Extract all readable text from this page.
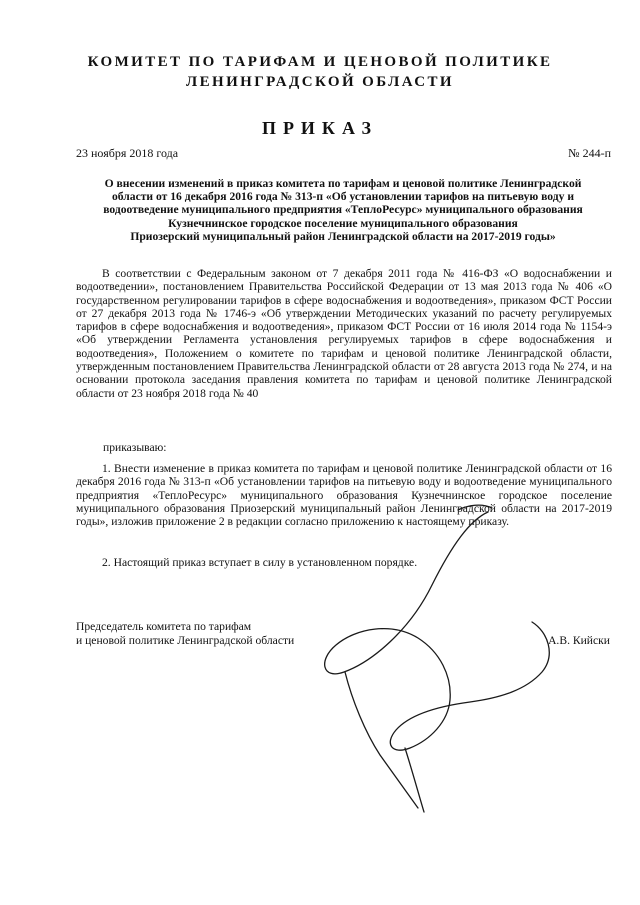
КОМИТЕТ ПО ТАРИФАМ И ЦЕНОВОЙ ПОЛИТИКЕ
ЛЕНИНГРАДСКОЙ ОБЛАСТИ
ПРИКАЗ
23 ноября 2018 года	№ 244-п
О внесении изменений в приказ комитета по тарифам и ценовой политике Ленинградской
области от 16 декабря 2016 года № 313-п «Об установлении тарифов на питьевую воду и
водоотведение муниципального предприятия «ТеплоРесурс» муниципального образования
Кузнечнинское городское поселение муниципального образования
Приозерский муниципальный район Ленинградской области на 2017-2019 годы»

В соответствии с Федеральным законом от 7 декабря 2011 года № 416-ФЗ «О водоснабжении и водоотведении», постановлением Правительства Российской Федерации от 13 мая 2013 года № 406 «О государственном регулировании тарифов в сфере водоснабжения и водоотведения», приказом ФСТ России от 27 декабря 2013 года № 1746-э «Об утверждении Методических указаний по расчету регулируемых тарифов в сфере водоснабжения и водоотведения», приказом ФСТ России от 16 июля 2014 года № 1154-э «Об утверждении Регламента установления регулируемых тарифов в сфере водоснабжения и водоотведения», Положением о комитете по тарифам и ценовой политике Ленинградской области, утвержденным постановлением Правительства Ленинградской области от 28 августа 2013 года № 274, и на основании протокола заседания правления комитета по тарифам и ценовой политике Ленинградской области от 23 ноября 2018 года № 40

приказываю:

1. Внести изменение в приказ комитета по тарифам и ценовой политике Ленинградской области от 16 декабря 2016 года № 313-п «Об установлении тарифов на питьевую воду и водоотведение муниципального предприятия «ТеплоРесурс» муниципального образования Кузнечнинское городское поселение муниципального образования Приозерский муниципальный район Ленинградской области на 2017-2019 годы», изложив приложение 2 в редакции согласно приложению к настоящему приказу.

2. Настоящий приказ вступает в силу в установленном порядке.

Председатель комитета по тарифам
и ценовой политике Ленинградской области	А.В. Кийски
